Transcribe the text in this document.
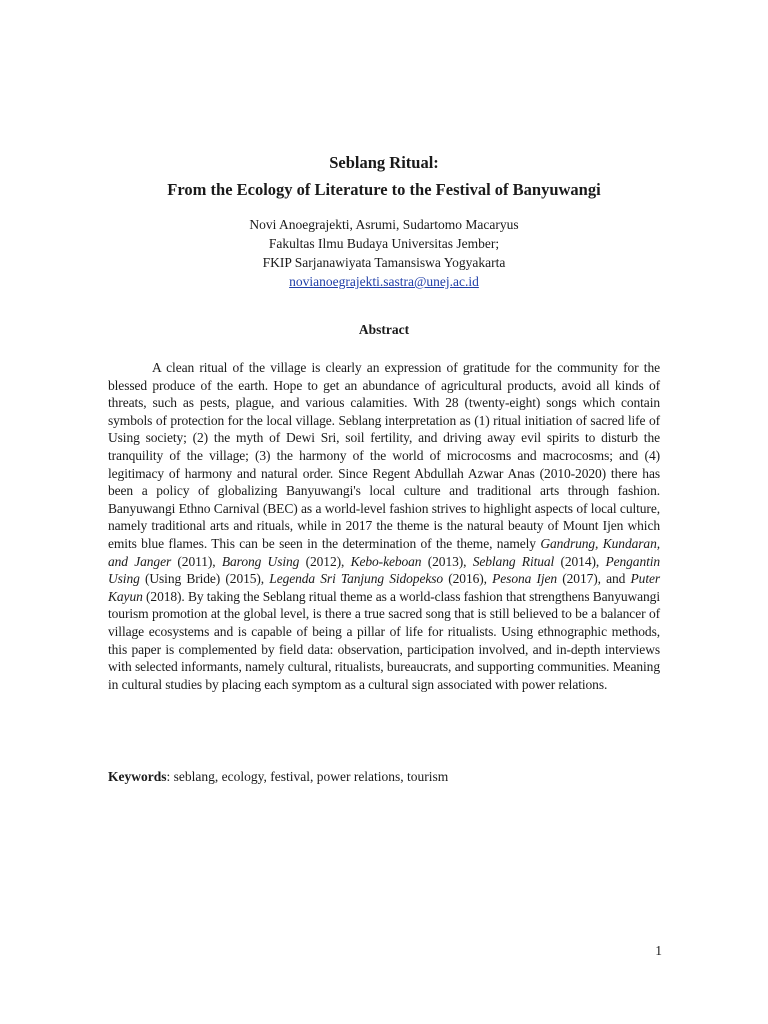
Seblang Ritual:

From the Ecology of Literature to the Festival of Banyuwangi

Novi Anoegrajekti, Asrumi, Sudartomo Macaryus
Fakultas Ilmu Budaya Universitas Jember;
FKIP Sarjanawiyata Tamansiswa Yogyakarta
novianoegrajekti.sastra@unej.ac.id
Abstract
A clean ritual of the village is clearly an expression of gratitude for the community for the blessed produce of the earth. Hope to get an abundance of agricultural products, avoid all kinds of threats, such as pests, plague, and various calamities. With 28 (twenty-eight) songs which contain symbols of protection for the local village. Seblang interpretation as (1) ritual initiation of sacred life of Using society; (2) the myth of Dewi Sri, soil fertility, and driving away evil spirits to disturb the tranquility of the village; (3) the harmony of the world of microcosms and macrocosms; and (4) legitimacy of harmony and natural order. Since Regent Abdullah Azwar Anas (2010-2020) there has been a policy of globalizing Banyuwangi's local culture and traditional arts through fashion. Banyuwangi Ethno Carnival (BEC) as a world-level fashion strives to highlight aspects of local culture, namely traditional arts and rituals, while in 2017 the theme is the natural beauty of Mount Ijen which emits blue flames. This can be seen in the determination of the theme, namely Gandrung, Kundaran, and Janger (2011), Barong Using (2012), Kebo-keboan (2013), Seblang Ritual (2014), Pengantin Using (Using Bride) (2015), Legenda Sri Tanjung Sidopekso (2016), Pesona Ijen (2017), and Puter Kayun (2018). By taking the Seblang ritual theme as a world-class fashion that strengthens Banyuwangi tourism promotion at the global level, is there a true sacred song that is still believed to be a balancer of village ecosystems and is capable of being a pillar of life for ritualists. Using ethnographic methods, this paper is complemented by field data: observation, participation involved, and in-depth interviews with selected informants, namely cultural, ritualists, bureaucrats, and supporting communities. Meaning in cultural studies by placing each symptom as a cultural sign associated with power relations.
Keywords: seblang, ecology, festival, power relations, tourism
1
